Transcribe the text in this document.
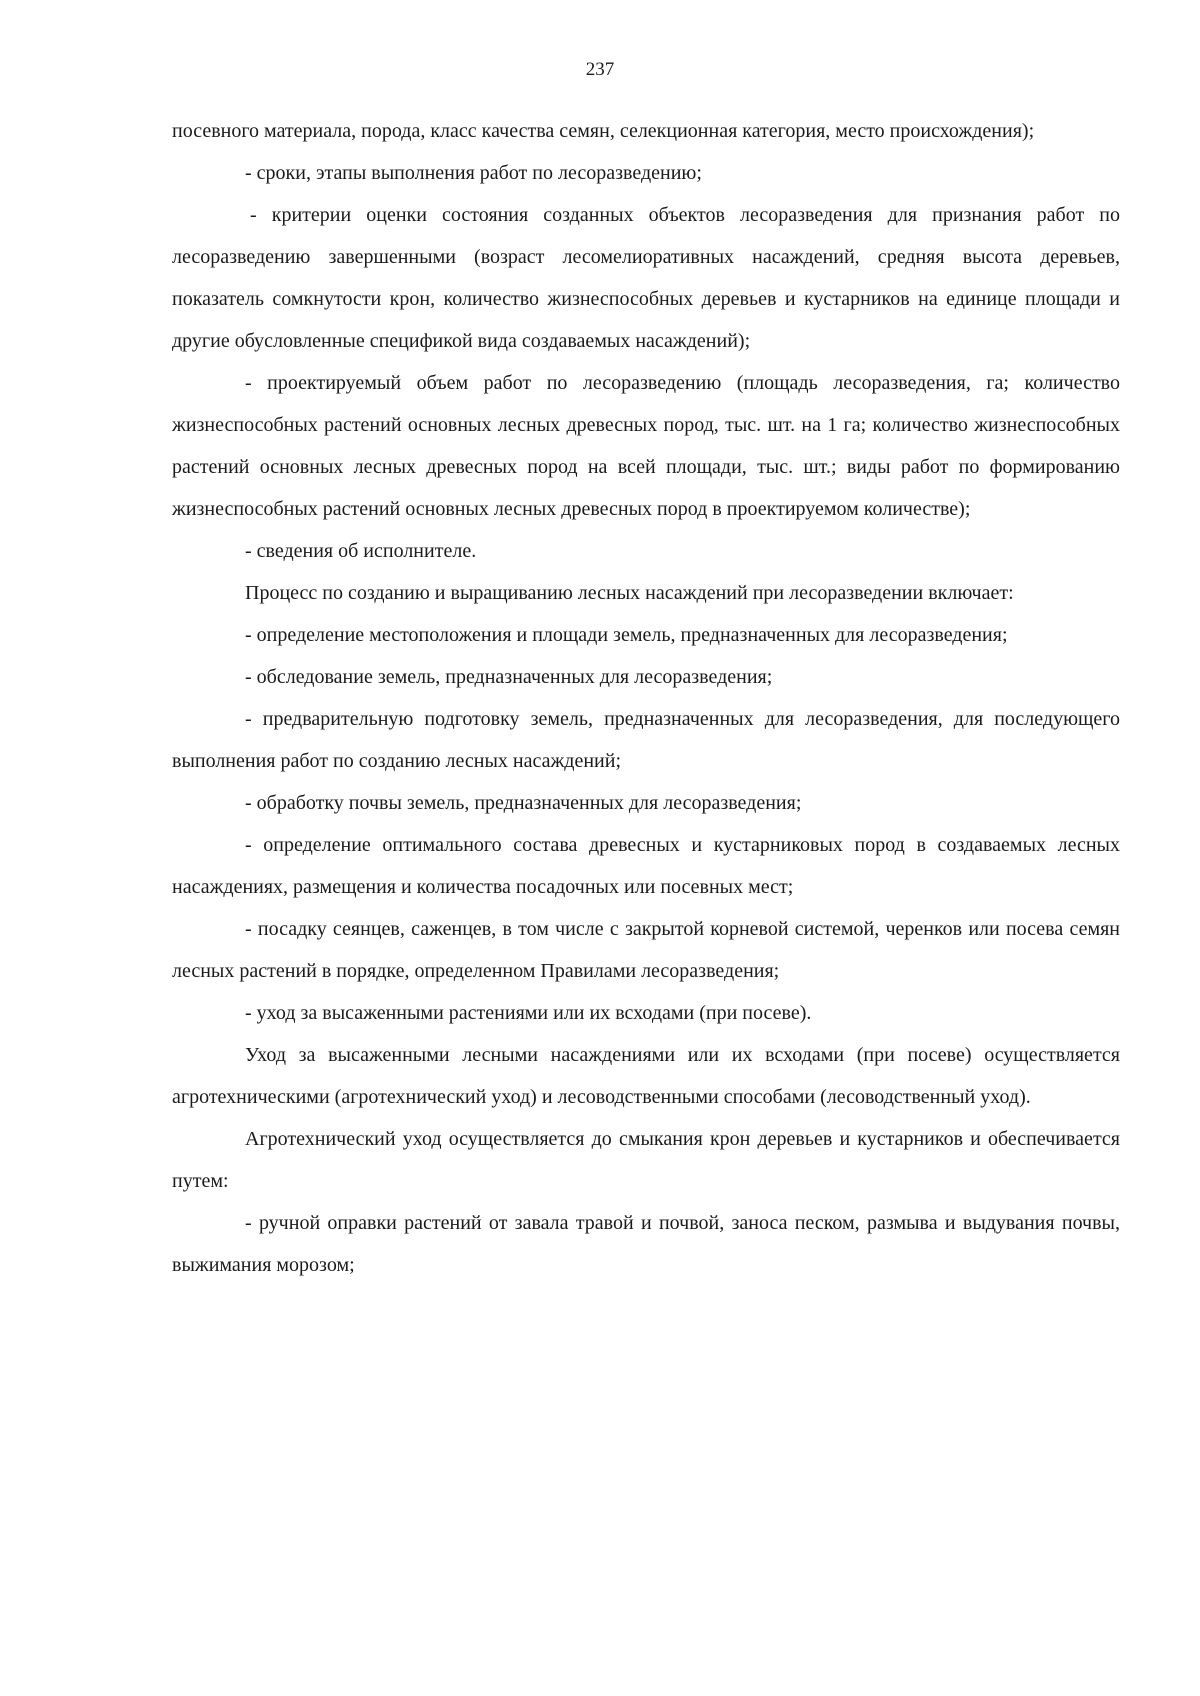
237

посевного материала, порода, класс качества семян, селекционная категория, место происхождения);

- сроки, этапы выполнения работ по лесоразведению;

- критерии оценки состояния созданных объектов лесоразведения для признания работ по лесоразведению завершенными (возраст лесомелиоративных насаждений, средняя высота деревьев, показатель сомкнутости крон, количество жизнеспособных деревьев и кустарников на единице площади и другие обусловленные спецификой вида создаваемых насаждений);

- проектируемый объем работ по лесоразведению (площадь лесоразведения, га; количество жизнеспособных растений основных лесных древесных пород, тыс. шт. на 1 га; количество жизнеспособных растений основных лесных древесных пород на всей площади, тыс. шт.; виды работ по формированию жизнеспособных растений основных лесных древесных пород в проектируемом количестве);

- сведения об исполнителе.

Процесс по созданию и выращиванию лесных насаждений при лесоразведении включает:

- определение местоположения и площади земель, предназначенных для лесоразведения;

- обследование земель, предназначенных для лесоразведения;

- предварительную подготовку земель, предназначенных для лесоразведения, для последующего выполнения работ по созданию лесных насаждений;

- обработку почвы земель, предназначенных для лесоразведения;

- определение оптимального состава древесных и кустарниковых пород в создаваемых лесных насаждениях, размещения и количества посадочных или посевных мест;

- посадку сеянцев, саженцев, в том числе с закрытой корневой системой, черенков или посева семян лесных растений в порядке, определенном Правилами лесоразведения;

- уход за высаженными растениями или их всходами (при посеве).

Уход за высаженными лесными насаждениями или их всходами (при посеве) осуществляется агротехническими (агротехнический уход) и лесоводственными способами (лесоводственный уход).

Агротехнический уход осуществляется до смыкания крон деревьев и кустарников и обеспечивается путем:

- ручной оправки растений от завала травой и почвой, заноса песком, размыва и выдувания почвы, выжимания морозом;
